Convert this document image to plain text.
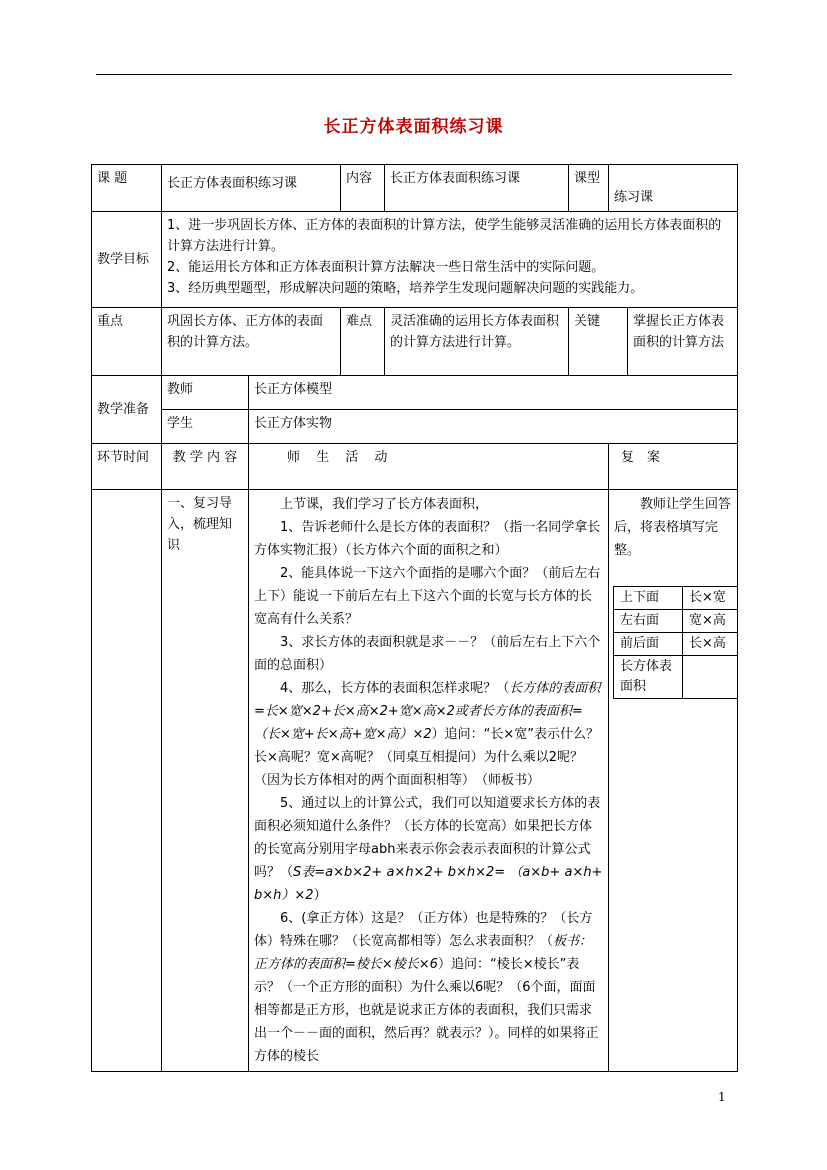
长正方体表面积练习课
课 题	长正方体表面积练习课	内容	长正方体表面积练习课	课型	练习课
教学目标	
1、进一步巩固长方体、正方体的表面积的计算方法，使学生能够灵活准确的运用长方体表面积的计算方法进行计算。
2、能运用长方体和正方体表面积计算方法解决一些日常生活中的实际问题。
3、经历典型题型，形成解决问题的策略，培养学生发现问题解决问题的实践能力。

重点	巩固长方体、正方体的表面积的计算方法。	难点	灵活准确的运用长方体表面积的计算方法进行计算。	关键	掌握长正方体表面积的计算方法
教学准备	教师	长正方体模型
学生	长正方体实物
环节时间	教 学 内 容	师 生 活 动	复　案
	一、复习导入，梳理知识	

上节课，我们学习了长方体表面积，

1、告诉老师什么是长方体的表面积？（指一名同学拿长方体实物汇报）（长方体六个面的面积之和）

2、能具体说一下这六个面指的是哪六个面？（前后左右上下）能说一下前后左右上下这六个面的长宽与长方体的长宽高有什么关系？

3、求长方体的表面积就是求－－？（前后左右上下六个面的总面积）

4、那么，长方体的表面积怎样求呢？（长方体的表面积=长×宽×2+长×高×2+宽×高×2或者长方体的表面积=（长×宽+长×高+宽×高）×2）追问：“长×宽”表示什么？长×高呢？宽×高呢？（同桌互相提问）为什么乘以2呢？（因为长方体相对的两个面面积相等）　（师板书）

5、通过以上的计算公式，我们可以知道要求长方体的表面积必须知道什么条件？（长方体的长宽高）如果把长方体的长宽高分别用字母abh来表示你会表示表面积的计算公式吗？（S表=a×b×2+ a×h×2+ b×h×2= （a×b+ a×h+ b×h）×2）

6、(拿正方体）这是？（正方体）也是特殊的？（长方体）特殊在哪？（长宽高都相等）怎么求表面积？（板书：正方体的表面积=棱长×棱长×6）追问：“棱长×棱长”表示？（一个正方形的面积）为什么乘以6呢？（6个面，面面相等都是正方形，也就是说求正方体的表面积，我们只需求出一个－－面的面积，然后再？就表示？）。同样的如果将正方体的棱长

教师让学生回答后，将表格填写完整。
上下面	长×宽
左右面	宽×高
前后面	长×高
长方体表面积	
1
